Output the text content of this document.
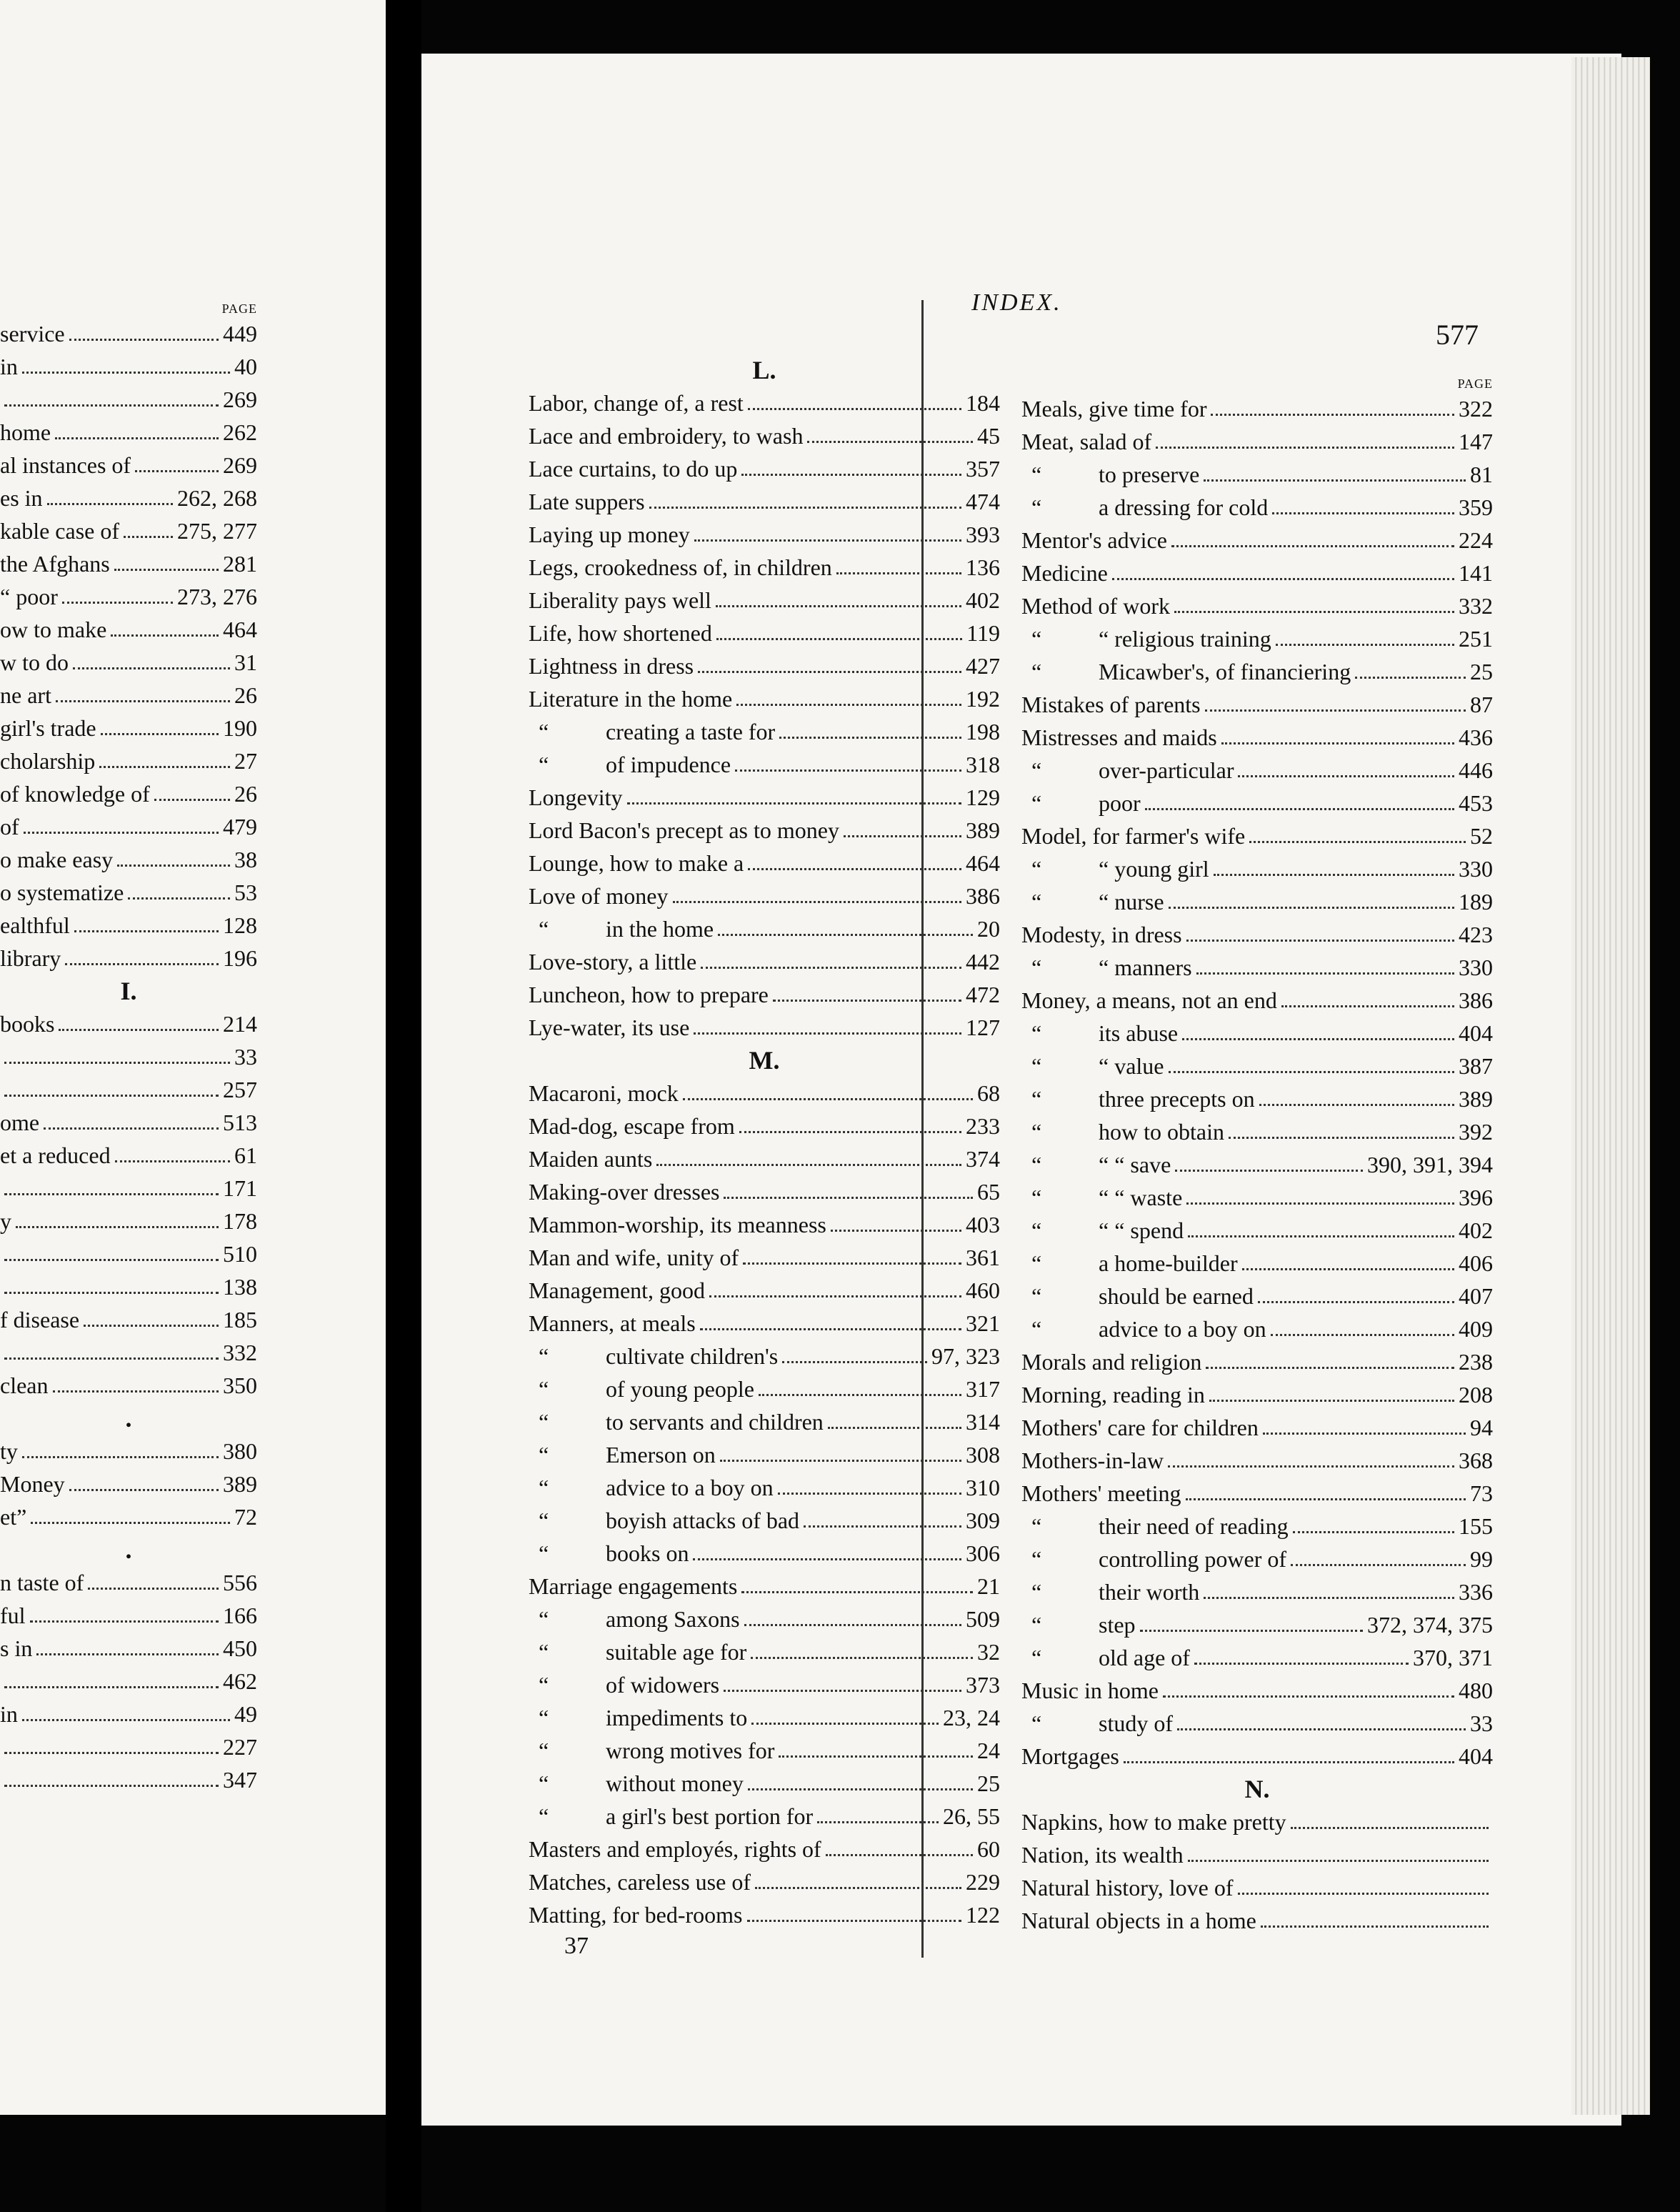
PAGE
service	449
in	40
269
home	262
al instances of	269
es in	262, 268
kable case of	275, 277
the Afghans	281
“ poor	273, 276
ow to make	464
w to do	31
ne art	26
girl's trade	190
cholarship	27
of knowledge of	26
of	479
o make easy	38
o systematize	53
ealthful	128
library	196
I.
books	214
33
257
ome	513
et a reduced	61
171
y	178
510
138
f disease	185
332
clean	350
.
ty	380
Money	389
et”	72
.
n taste of	556
ful	166
s in	450
462
in	49
227
347
INDEX.
577
L.
Labor, change of, a rest	184
Lace and embroidery, to wash	45
Lace curtains, to do up	357
Late suppers	474
Laying up money	393
Legs, crookedness of, in children	136
Liberality pays well	402
Life, how shortened	119
Lightness in dress	427
Literature in the home	192
“	creating a taste for	198
“	of impudence	318
Longevity	129
Lord Bacon's precept as to money	389
Lounge, how to make a	464
Love of money	386
“	in the home	20
Love-story, a little	442
Luncheon, how to prepare	472
Lye-water, its use	127
M.
Macaroni, mock	68
Mad-dog, escape from	233
Maiden aunts	374
Making-over dresses	65
Mammon-worship, its meanness	403
Man and wife, unity of	361
Management, good	460
Manners, at meals	321
“	cultivate children's	97, 323
“	of young people	317
“	to servants and children	314
“	Emerson on	308
“	advice to a boy on	310
“	boyish attacks of bad	309
“	books on	306
Marriage engagements	21
“	among Saxons	509
“	suitable age for	32
“	of widowers	373
“	impediments to	23, 24
“	wrong motives for	24
“	without money	25
“	a girl's best portion for	26, 55
Masters and employés, rights of	60
Matches, careless use of	229
Matting, for bed-rooms	122
PAGE
Meals, give time for	322
Meat, salad of	147
“	to preserve	81
“	a dressing for cold	359
Mentor's advice	224
Medicine	141
Method of work	332
“	“ religious training	251
“	Micawber's, of financiering	25
Mistakes of parents	87
Mistresses and maids	436
“	over-particular	446
“	poor	453
Model, for farmer's wife	52
“	“ young girl	330
“	“ nurse	189
Modesty, in dress	423
“	“ manners	330
Money, a means, not an end	386
“	its abuse	404
“	“ value	387
“	three precepts on	389
“	how to obtain	392
“	“ “ save	390, 391, 394
“	“ “ waste	396
“	“ “ spend	402
“	a home-builder	406
“	should be earned	407
“	advice to a boy on	409
Morals and religion	238
Morning, reading in	208
Mothers' care for children	94
Mothers-in-law	368
Mothers' meeting	73
“	their need of reading	155
“	controlling power of	99
“	their worth	336
“	step	372, 374, 375
“	old age of	370, 371
Music in home	480
“	study of	33
Mortgages	404
N.
Napkins, how to make pretty
Nation, its wealth
Natural history, love of
Natural objects in a home
37
